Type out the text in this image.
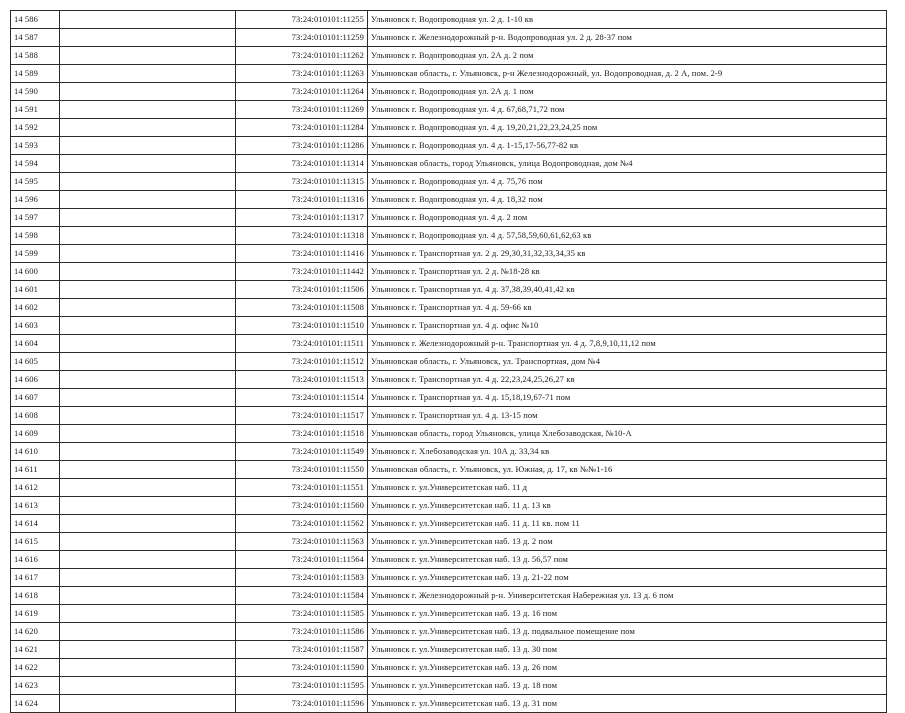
14 586		73:24:010101:11255	Ульяновск г. Водопроводная ул. 2 д. 1-10 кв
14 587		73:24:010101:11259	Ульяновск г. Железнодорожный р-н. Водопроводная ул. 2 д. 28-37 пом
14 588		73:24:010101:11262	Ульяновск г. Водопроводная ул. 2А д. 2 пом
14 589		73:24:010101:11263	Ульяновская область, г. Ульяновск, р-н Железнодорожный, ул. Водопроводная, д. 2 А, пом. 2-9
14 590		73:24:010101:11264	Ульяновск г. Водопроводная ул. 2А д. 1 пом
14 591		73:24:010101:11269	Ульяновск г. Водопроводная ул. 4 д. 67,68,71,72 пом
14 592		73:24:010101:11284	Ульяновск г. Водопроводная ул. 4 д. 19,20,21,22,23,24,25 пом
14 593		73:24:010101:11286	Ульяновск г. Водопроводная ул. 4 д. 1-15,17-56,77-82 кв
14 594		73:24:010101:11314	Ульяновская область, город Ульяновск, улица Водопроводная, дом №4
14 595		73:24:010101:11315	Ульяновск г. Водопроводная ул. 4 д. 75,76 пом
14 596		73:24:010101:11316	Ульяновск г. Водопроводная ул. 4 д. 18,32 пом
14 597		73:24:010101:11317	Ульяновск г. Водопроводная ул. 4 д. 2 пом
14 598		73:24:010101:11318	Ульяновск г. Водопроводная ул. 4 д. 57,58,59,60,61,62,63 кв
14 599		73:24:010101:11416	Ульяновск г. Транспортная ул. 2 д. 29,30,31,32,33,34,35 кв
14 600		73:24:010101:11442	Ульяновск г. Транспортная ул. 2 д. №18-28 кв
14 601		73:24:010101:11506	Ульяновск г. Транспортная ул. 4 д. 37,38,39,40,41,42 кв
14 602		73:24:010101:11508	Ульяновск г. Транспортная ул. 4 д. 59-66 кв
14 603		73:24:010101:11510	Ульяновск г. Транспортная ул. 4 д. офис №10
14 604		73:24:010101:11511	Ульяновск г. Железнодорожный р-н. Транспортная ул. 4 д. 7,8,9,10,11,12 пом
14 605		73:24:010101:11512	Ульяновская область, г. Ульяновск, ул. Транспортная, дом №4
14 606		73:24:010101:11513	Ульяновск г. Транспортная ул. 4 д. 22,23,24,25,26,27 кв
14 607		73:24:010101:11514	Ульяновск г. Транспортная ул. 4 д. 15,18,19,67-71 пом
14 608		73:24:010101:11517	Ульяновск г. Транспортная ул. 4 д. 13-15 пом
14 609		73:24:010101:11518	Ульяновская область, город Ульяновск, улица Хлебозаводская, №10-А
14 610		73:24:010101:11549	Ульяновск г. Хлебозаводская ул. 10А д. 33,34 кв
14 611		73:24:010101:11550	Ульяновская область, г. Ульяновск, ул. Южная, д. 17, кв №№1-16
14 612		73:24:010101:11551	Ульяновск г. ул.Университетская наб. 11 д
14 613		73:24:010101:11560	Ульяновск г. ул.Университетская наб. 11 д. 13 кв
14 614		73:24:010101:11562	Ульяновск г. ул.Университетская наб. 11 д. 11 кв. пом 11
14 615		73:24:010101:11563	Ульяновск г. ул.Университетская наб. 13 д. 2 пом
14 616		73:24:010101:11564	Ульяновск г. ул.Университетская наб. 13 д. 56,57 пом
14 617		73:24:010101:11583	Ульяновск г. ул.Университетская наб. 13 д. 21-22 пом
14 618		73:24:010101:11584	Ульяновск г. Железнодорожный р-н. Университетская Набережная ул. 13 д. 6 пом
14 619		73:24:010101:11585	Ульяновск г. ул.Университетская наб. 13 д. 16 пом
14 620		73:24:010101:11586	Ульяновск г. ул.Университетская наб. 13 д. подвальное помещение пом
14 621		73:24:010101:11587	Ульяновск г. ул.Университетская наб. 13 д. 30 пом
14 622		73:24:010101:11590	Ульяновск г. ул.Университетская наб. 13 д. 26 пом
14 623		73:24:010101:11595	Ульяновск г. ул.Университетская наб. 13 д. 18 пом
14 624		73:24:010101:11596	Ульяновск г. ул.Университетская наб. 13 д. 31 пом
